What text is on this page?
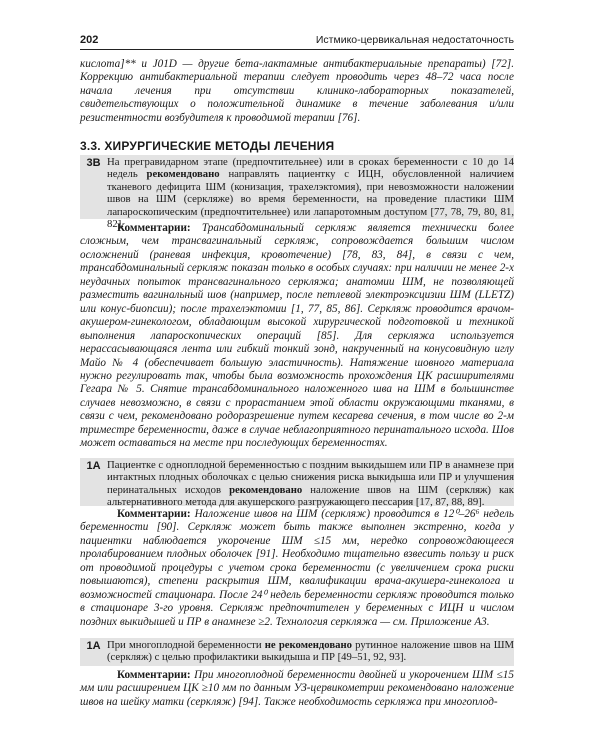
202	Истмико-цервикальная недостаточность

кислота]** и J01D — другие бета-лактамные антибактериальные препараты) [72]. Коррекцию антибактериальной терапии следует проводить через 48–72 часа после начала лечения при отсутствии клинико-лабораторных показателей, свидетельствующих о положительной динамике в течение заболевания и/или резистентности возбудителя к проводимой терапии [76].

3.3. ХИРУРГИЧЕСКИЕ МЕТОДЫ ЛЕЧЕНИЯ
3В На прегравидарном этапе (предпочтительнее) или в сроках беременности с 10 до 14 недель рекомендовано направлять пациентку с ИЦН, обусловленной наличием тканевого дефицита ШМ (конизация, трахелэктомия), при невозможности наложении швов на ШМ (серкляже) во время беременности, на проведение пластики ШМ лапароскопическим (предпочтительнее) или лапаротомным доступом [77, 78, 79, 80, 81, 82].

Комментарии: Трансабдоминальный серкляж является технически более сложным, чем трансвагинальный серкляж, сопровождается большим числом осложнений (раневая инфекция, кровотечение) [78, 83, 84], в связи с чем, трансабдоминальный серкляж показан только в особых случаях: при наличии не менее 2-х неудачных попыток трансвагинального серкляжа; анатомии ШМ, не позволяющей разместить вагинальный шов (например, после петлевой электроэксцизии ШМ (LLETZ) или конус-биопсии); после трахелэктомии [1, 77, 85, 86]. Серкляж проводится врачом-акушером-гинекологом, обладающим высокой хирургической подготовкой и техникой выполнения лапароскопических операций [85]. Для серкляжа используется нерассасывающаяся лента или гибкий тонкий зонд, накрученный на конусовидную иглу Майо № 4 (обеспечивает большую эластичность). Натяжение шовного материала нужно регулировать так, чтобы была возможность прохождения ЦК расширителями Гегара № 5. Снятие трансабдоминального наложенного шва на ШМ в большинстве случаев невозможно, в связи с прорастанием этой области окружающими тканями, в связи с чем, рекомендовано родоразрешение путем кесарева сечения, в том числе во 2-м триместре беременности, даже в случае неблагоприятного перинатального исхода. Шов может оставаться на месте при последующих беременностях.

1А Пациентке с одноплодной беременностью с поздним выкидышем или ПР в анамнезе при интактных плодных оболочках с целью снижения риска выкидыша или ПР и улучшения перинатальных исходов рекомендовано наложение швов на ШМ (серкляж) как альтернативного метода для акушерского разгружающего пессария [17, 87, 88, 89].

Комментарии: Наложение швов на ШМ (серкляж) проводится в 12⁰–26⁶ недель беременности [90]. Серкляж может быть также выполнен экстренно, когда у пациентки наблюдается укорочение ШМ ≤15 мм, нередко сопровождающееся пролабированием плодных оболочек [91]. Необходимо тщательно взвесить пользу и риск от проводимой процедуры с учетом срока беременности (с увеличением срока риски повышаются), степени раскрытия ШМ, квалификации врача-акушера-гинеколога и возможностей стационара. После 24⁰ недель беременности серкляж проводится только в стационаре 3-го уровня. Серкляж предпочтителен у беременных с ИЦН и числом поздних выкидышей и ПР в анамнезе ≥2. Технология серкляжа — см. Приложение А3.

1А При многоплодной беременности не рекомендовано рутинное наложение швов на ШМ (серкляж) с целью профилактики выкидыша и ПР [49–51, 92, 93].

Комментарии: При многоплодной беременности двойней и укорочением ШМ ≤15 мм или расширением ЦК ≥10 мм по данным УЗ-цервикометрии рекомендовано наложение швов на шейку матки (серкляж) [94]. Также необходимость серкляжа при многоплод-
